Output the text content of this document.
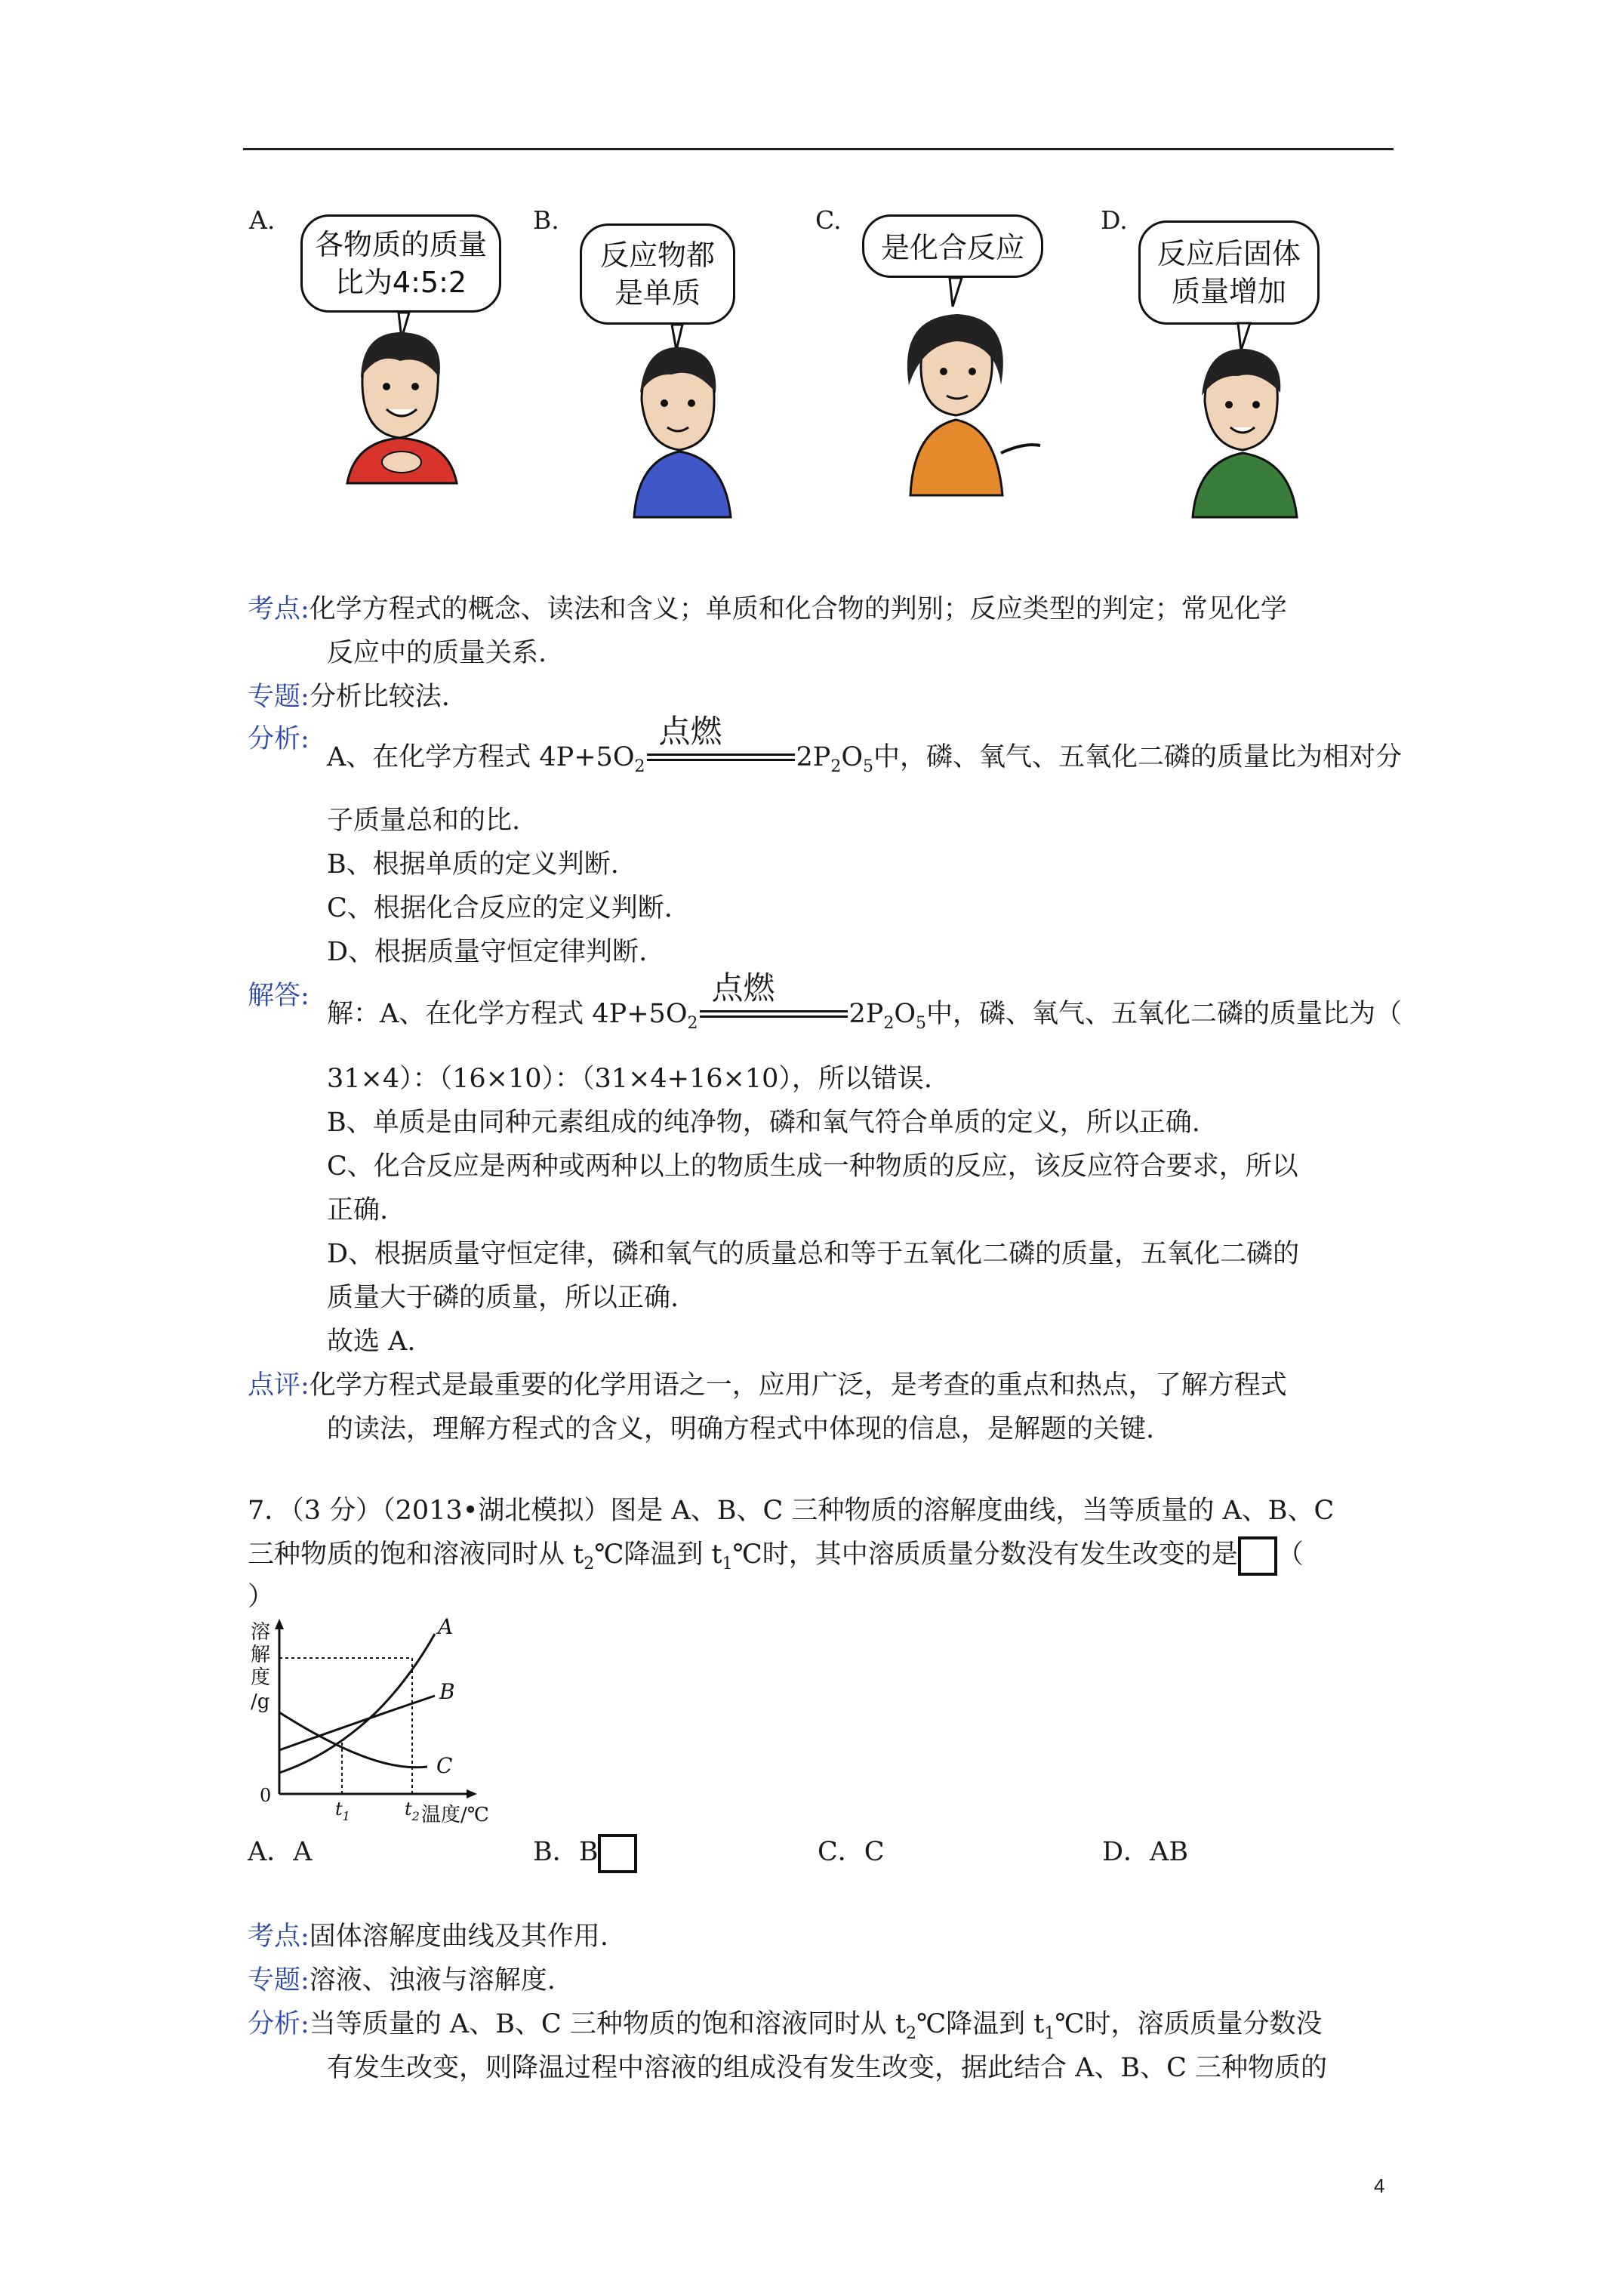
A.
各物质的质量
比为4:5:2
B.
反应物都
是单质
C.
是化合反应
D.
反应后固体
质量增加
考点:化学方程式的概念、读法和含义；单质和化合物的判别；反应类型的判定；常见化学
反应中的质量关系.
专题:分析比较法.
分析:
A、在化学方程式 $4P+5O_2$
点燃
$2P_2O_5$中，磷、氧气、五氧化二磷的质量比为相对分
子质量总和的比.
B、根据单质的定义判断.
C、根据化合反应的定义判断.
D、根据质量守恒定律判断.
解答:
解：A、在化学方程式 $4P+5O_2$
点燃
$2P_2O_5$中，磷、氧气、五氧化二磷的质量比为（
31×4）：（16×10）：（31×4+16×10），所以错误.
B、单质是由同种元素组成的纯净物，磷和氧气符合单质的定义，所以正确.
C、化合反应是两种或两种以上的物质生成一种物质的反应，该反应符合要求，所以
正确.
D、根据质量守恒定律，磷和氧气的质量总和等于五氧化二磷的质量，五氧化二磷的
质量大于磷的质量，所以正确.
故选 A.
点评:化学方程式是最重要的化学用语之一，应用广泛，是考查的重点和热点，了解方程式
的读法，理解方程式的含义，明确方程式中体现的信息，是解题的关键.
7．（3 分）（2013•湖北模拟）图是 A、B、C 三种物质的溶解度曲线，当等质量的 A、B、C
三种物质的饱和溶液同时从 $t_2℃$降温到 $t_1℃$时，其中溶质质量分数没有发生改变的是 （
）
溶
解
度
/g
0
A
B
C
$t_1$	$t_2$ 温度/℃
A．A	B．B	C．C	D．AB
考点:固体溶解度曲线及其作用.
专题:溶液、浊液与溶解度.
分析:当等质量的 A、B、C 三种物质的饱和溶液同时从 $t_2℃$降温到 $t_1℃$时，溶质质量分数没
有发生改变，则降温过程中溶液的组成没有发生改变，据此结合 A、B、C 三种物质的
4
